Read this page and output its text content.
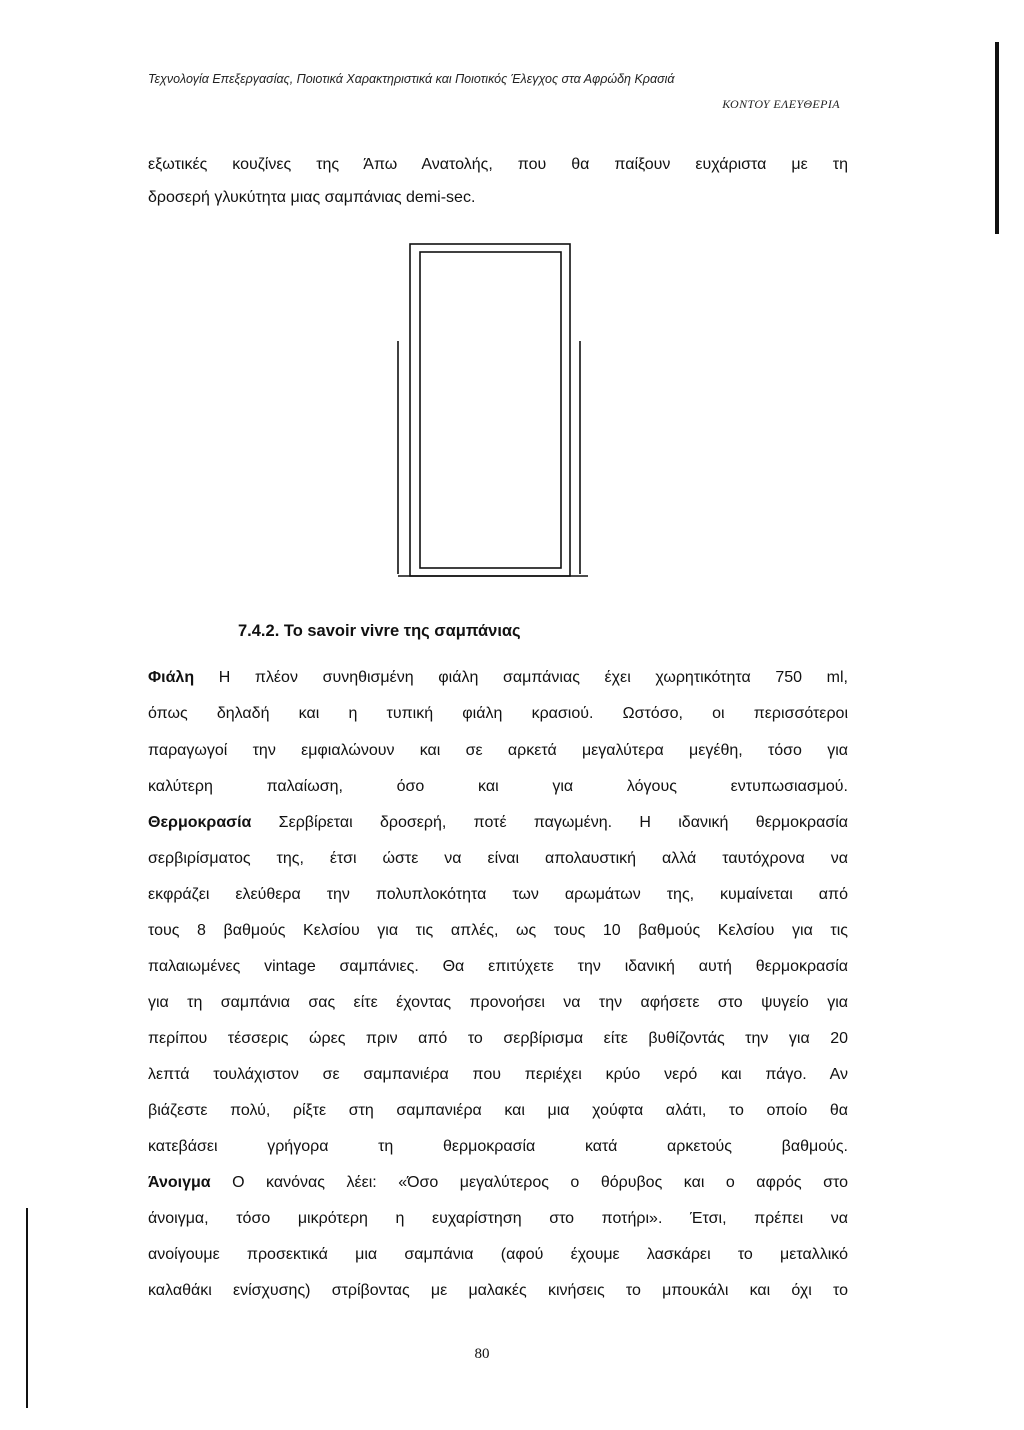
Τεχνολογία Επεξεργασίας, Ποιοτικά Χαρακτηριστικά και Ποιοτικός Έλεγχος στα Αφρώδη Κρασιά
ΚΟΝΤΟΥ ΕΛΕΥΘΕΡΙΑ
εξωτικές κουζίνες της Άπω Ανατολής, που θα παίξουν ευχάριστα με τη
δροσερή γλυκύτητα μιας σαμπάνιας demi-sec.
7.4.2. Το savoir vivre της σαμπάνιας
Φιάλη Η πλέον συνηθισμένη φιάλη σαμπάνιας έχει χωρητικότητα 750 ml,
όπως δηλαδή και η τυπική φιάλη κρασιού. Ωστόσο, οι περισσότεροι
παραγωγοί την εμφιαλώνουν και σε αρκετά μεγαλύτερα μεγέθη, τόσο για
καλύτερη παλαίωση, όσο και για λόγους εντυπωσιασμού.
Θερμοκρασία Σερβίρεται δροσερή, ποτέ παγωμένη. Η ιδανική θερμοκρασία
σερβιρίσματος της, έτσι ώστε να είναι απολαυστική αλλά ταυτόχρονα να
εκφράζει ελεύθερα την πολυπλοκότητα των αρωμάτων της, κυμαίνεται από
τους 8 βαθμούς Κελσίου για τις απλές, ως τους 10 βαθμούς Κελσίου για τις
παλαιωμένες vintage σαμπάνιες. Θα επιτύχετε την ιδανική αυτή θερμοκρασία
για τη σαμπάνια σας είτε έχοντας προνοήσει να την αφήσετε στο ψυγείο για
περίπου τέσσερις ώρες πριν από το σερβίρισμα είτε βυθίζοντάς την για 20
λεπτά τουλάχιστον σε σαμπανιέρα που περιέχει κρύο νερό και πάγο. Αν
βιάζεστε πολύ, ρίξτε στη σαμπανιέρα και μια χούφτα αλάτι, το οποίο θα
κατεβάσει γρήγορα τη θερμοκρασία κατά αρκετούς βαθμούς.
Άνοιγμα Ο κανόνας λέει: «Όσο μεγαλύτερος ο θόρυβος και ο αφρός στο
άνοιγμα, τόσο μικρότερη η ευχαρίστηση στο ποτήρι». Έτσι, πρέπει να
ανοίγουμε προσεκτικά μια σαμπάνια (αφού έχουμε λασκάρει το μεταλλικό
καλαθάκι ενίσχυσης) στρίβοντας με μαλακές κινήσεις το μπουκάλι και όχι το
80
